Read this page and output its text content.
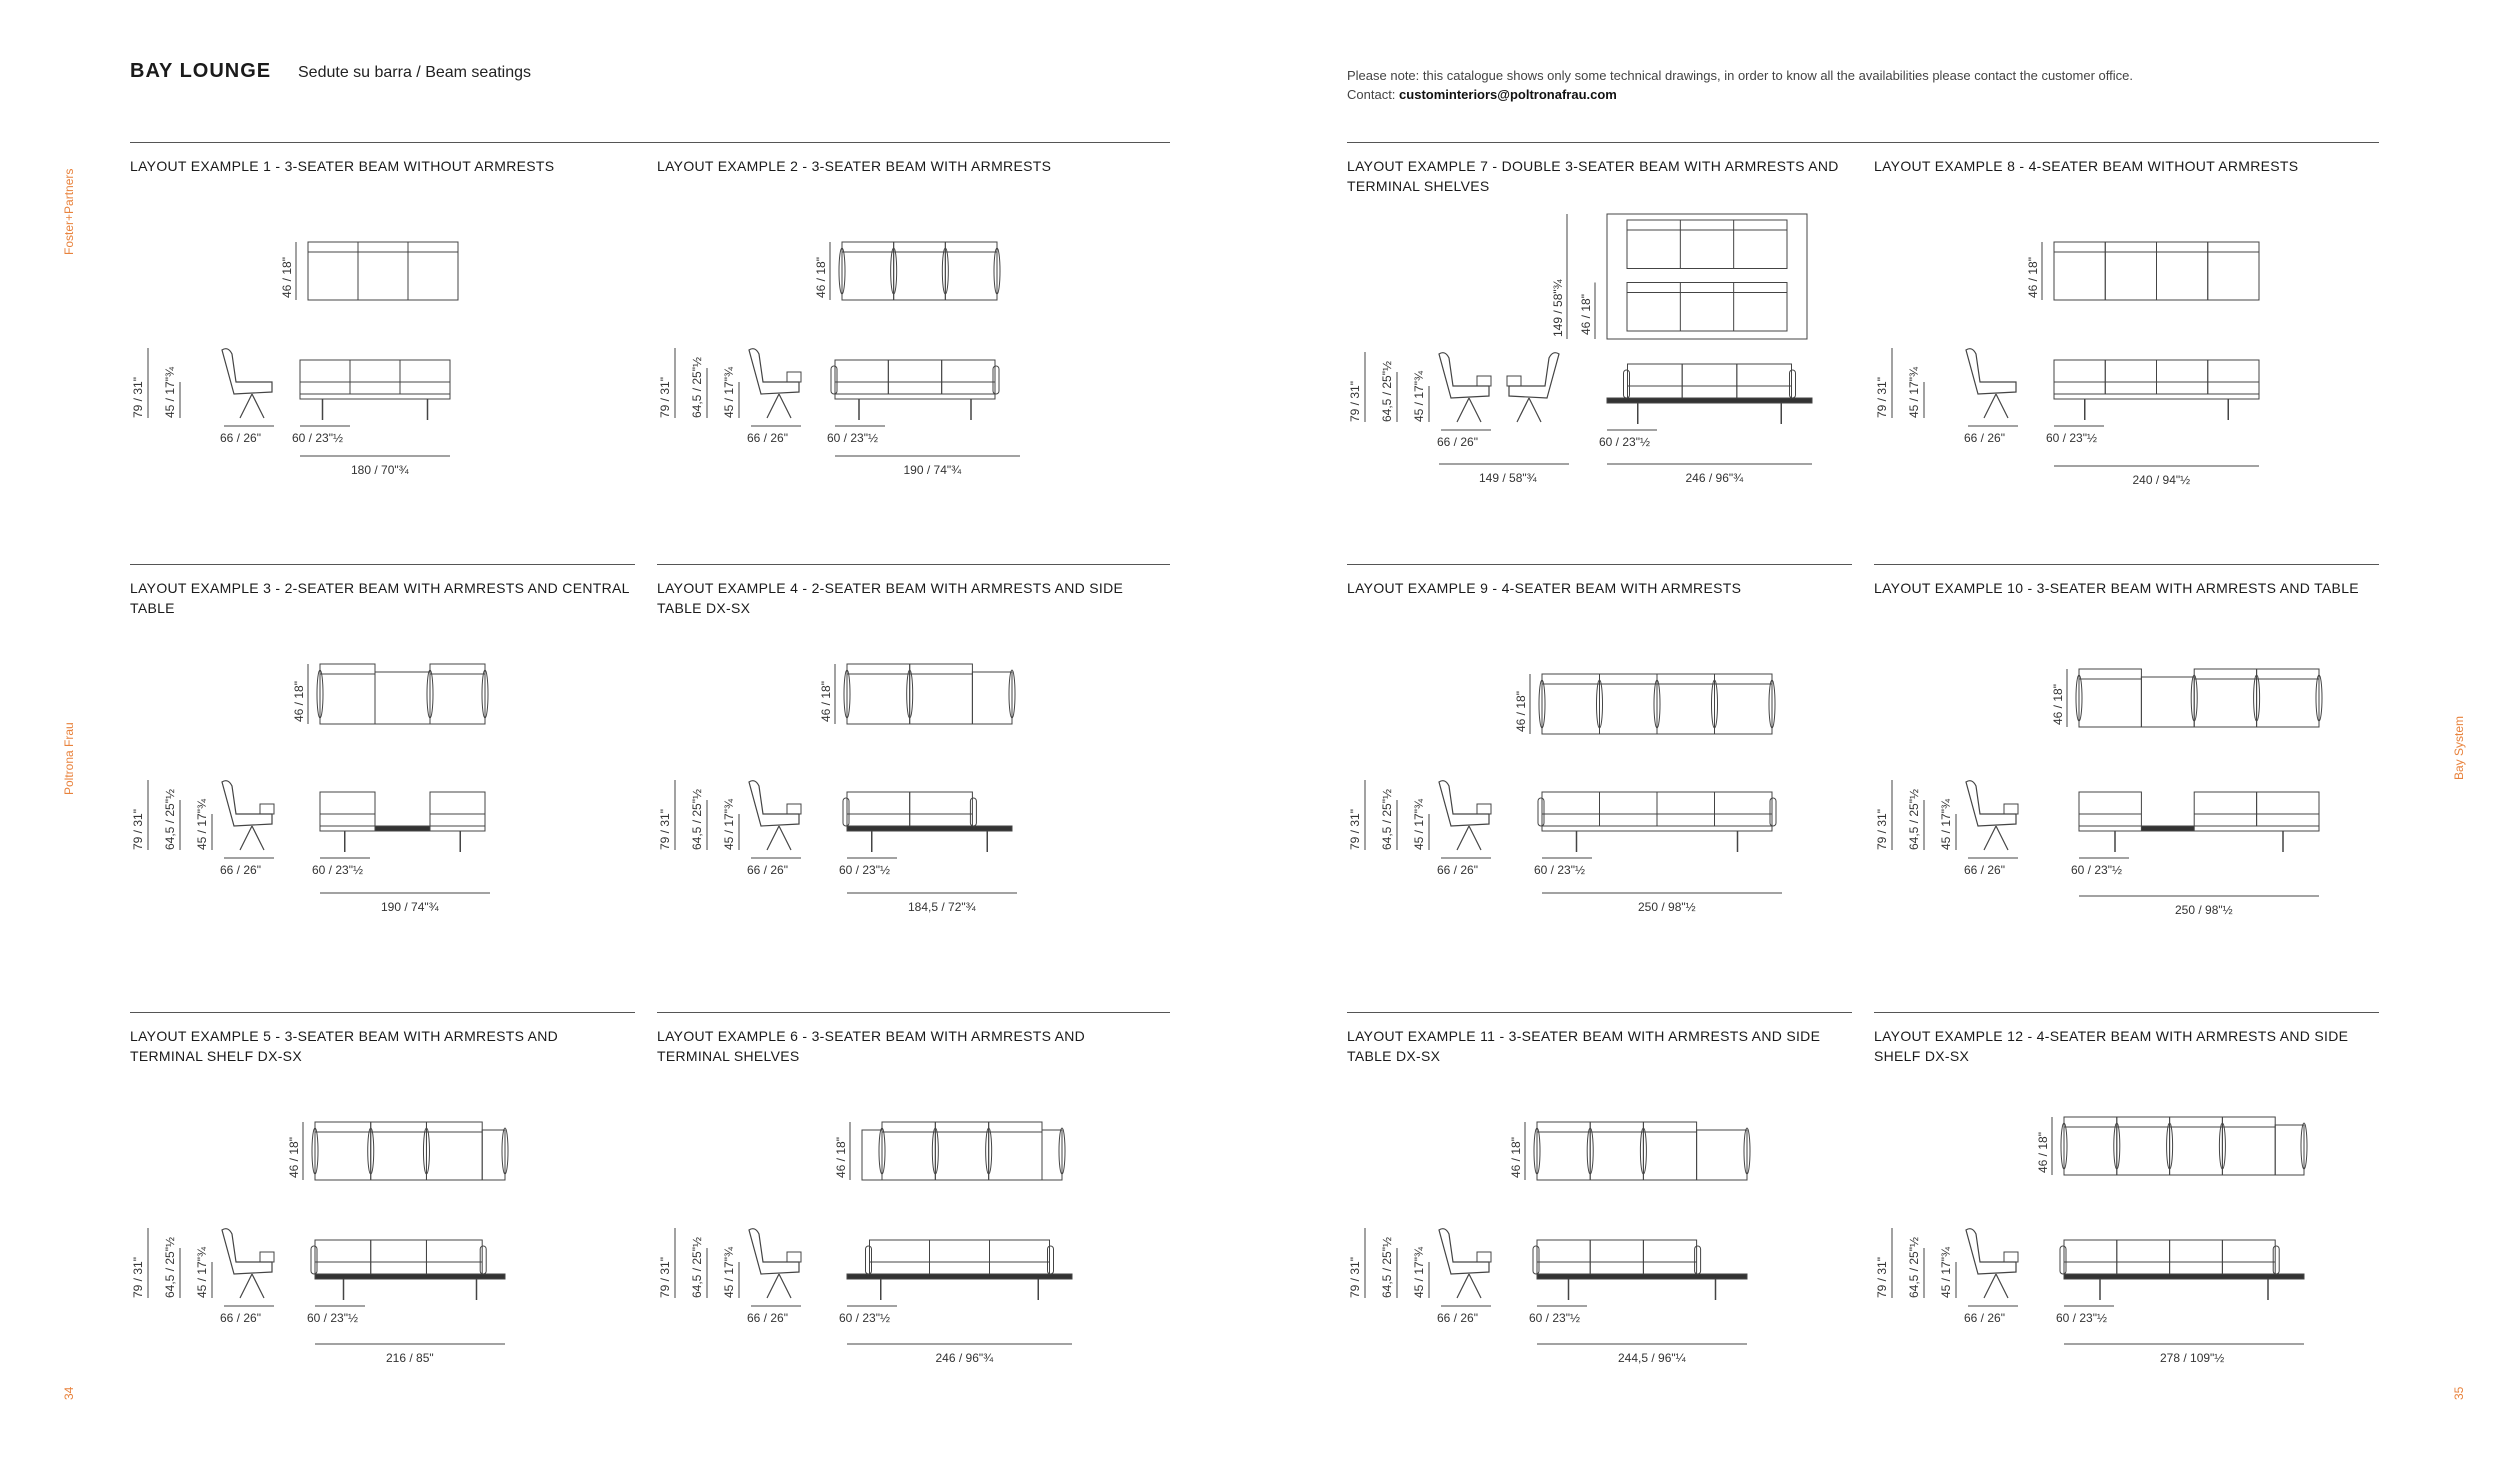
BAY LOUNGE Sedute su barra / Beam seatings	Please note: this catalogue shows only some technical drawings, in order to know all the availabilities please contact the customer office.
Contact: custominteriors@poltronafrau.com
Foster+Partners
Poltrona Frau	Bay System
34	35
LAYOUT EXAMPLE 1 - 3-SEATER BEAM WITHOUT ARMRESTS
46 / 18"
79 / 31" 45 / 17"¾
66 / 26"	60 / 23"½
180 / 70"¾
LAYOUT EXAMPLE 2 - 3-SEATER BEAM WITH ARMRESTS
46 / 18"
79 / 31" 64,5 / 25"½ 45 / 17"¾
66 / 26"	60 / 23"½
190 / 74"¾
LAYOUT EXAMPLE 3 - 2-SEATER BEAM WITH ARMRESTS AND CENTRAL TABLE
46 / 18"
79 / 31" 64,5 / 25"½ 45 / 17"¾
66 / 26"	60 / 23"½
190 / 74"¾
LAYOUT EXAMPLE 4 - 2-SEATER BEAM WITH ARMRESTS AND SIDE TABLE DX-SX
46 / 18"
79 / 31" 64,5 / 25"½ 45 / 17"¾
66 / 26"	60 / 23"½
184,5 / 72"¾
LAYOUT EXAMPLE 5 - 3-SEATER BEAM WITH ARMRESTS AND TERMINAL SHELF DX-SX
46 / 18"
79 / 31" 64,5 / 25"½ 45 / 17"¾
66 / 26"	60 / 23"½
216 / 85"
LAYOUT EXAMPLE 6 - 3-SEATER BEAM WITH ARMRESTS AND TERMINAL SHELVES
46 / 18"
79 / 31" 64,5 / 25"½ 45 / 17"¾
66 / 26"	60 / 23"½
246 / 96"¾
LAYOUT EXAMPLE 7 - DOUBLE 3-SEATER BEAM WITH ARMRESTS AND TERMINAL SHELVES
149 / 58"¾ 46 / 18"
79 / 31" 64,5 / 25"½ 45 / 17"¾
66 / 26"	60 / 23"½
246 / 96"¾
149 / 58"¾
LAYOUT EXAMPLE 8 - 4-SEATER BEAM WITHOUT ARMRESTS
46 / 18"
79 / 31" 45 / 17"¾
66 / 26"	60 / 23"½
240 / 94"½
LAYOUT EXAMPLE 9 - 4-SEATER BEAM WITH ARMRESTS
46 / 18"
79 / 31" 64,5 / 25"½ 45 / 17"¾
66 / 26"	60 / 23"½
250 / 98"½
LAYOUT EXAMPLE 10 - 3-SEATER BEAM WITH ARMRESTS AND TABLE
46 / 18"
79 / 31" 64,5 / 25"½ 45 / 17"¾
66 / 26"	60 / 23"½
250 / 98"½
LAYOUT EXAMPLE 11 - 3-SEATER BEAM WITH ARMRESTS AND SIDE TABLE DX-SX
46 / 18"
79 / 31" 64,5 / 25"½ 45 / 17"¾
66 / 26"	60 / 23"½
244,5 / 96"¼
LAYOUT EXAMPLE 12 - 4-SEATER BEAM WITH ARMRESTS AND SIDE SHELF DX-SX
46 / 18"
79 / 31" 64,5 / 25"½ 45 / 17"¾
66 / 26"	60 / 23"½
278 / 109"½
